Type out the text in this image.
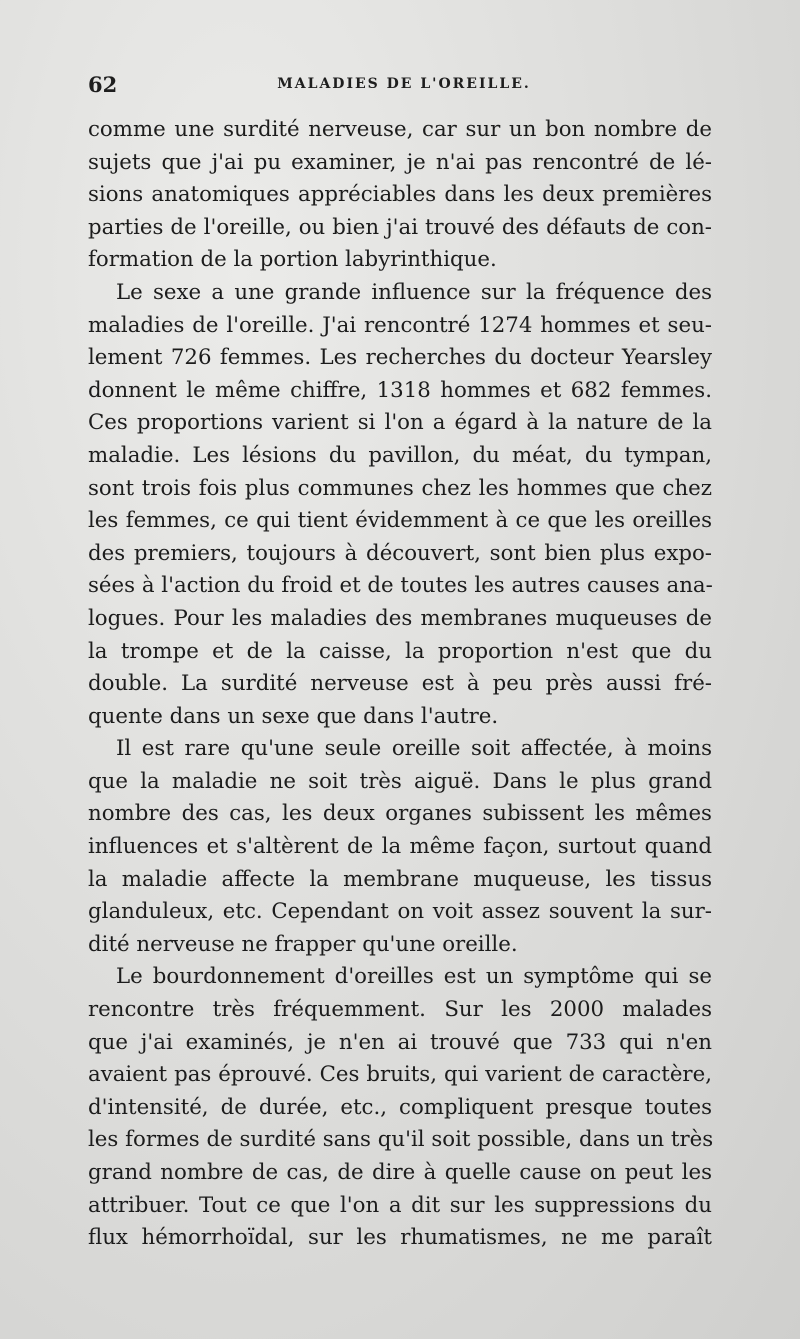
62	MALADIES DE L'OREILLE.
comme une surdité nerveuse, car sur un bon nombre de
sujets que j'ai pu examiner, je n'ai pas rencontré de lé-
sions anatomiques appréciables dans les deux premières
parties de l'oreille, ou bien j'ai trouvé des défauts de con-
formation de la portion labyrinthique.
Le sexe a une grande influence sur la fréquence des
maladies de l'oreille. J'ai rencontré 1274 hommes et seu-
lement 726 femmes. Les recherches du docteur Yearsley
donnent le même chiffre, 1318 hommes et 682 femmes.
Ces proportions varient si l'on a égard à la nature de la
maladie. Les lésions du pavillon, du méat, du tympan,
sont trois fois plus communes chez les hommes que chez
les femmes, ce qui tient évidemment à ce que les oreilles
des premiers, toujours à découvert, sont bien plus expo-
sées à l'action du froid et de toutes les autres causes ana-
logues. Pour les maladies des membranes muqueuses de
la trompe et de la caisse, la proportion n'est que du
double. La surdité nerveuse est à peu près aussi fré-
quente dans un sexe que dans l'autre.
Il est rare qu'une seule oreille soit affectée, à moins
que la maladie ne soit très aiguë. Dans le plus grand
nombre des cas, les deux organes subissent les mêmes
influences et s'altèrent de la même façon, surtout quand
la maladie affecte la membrane muqueuse, les tissus
glanduleux, etc. Cependant on voit assez souvent la sur-
dité nerveuse ne frapper qu'une oreille.
Le bourdonnement d'oreilles est un symptôme qui se
rencontre très fréquemment. Sur les 2000 malades
que j'ai examinés, je n'en ai trouvé que 733 qui n'en
avaient pas éprouvé. Ces bruits, qui varient de caractère,
d'intensité, de durée, etc., compliquent presque toutes
les formes de surdité sans qu'il soit possible, dans un très
grand nombre de cas, de dire à quelle cause on peut les
attribuer. Tout ce que l'on a dit sur les suppressions du
flux hémorrhoïdal, sur les rhumatismes, ne me paraît
